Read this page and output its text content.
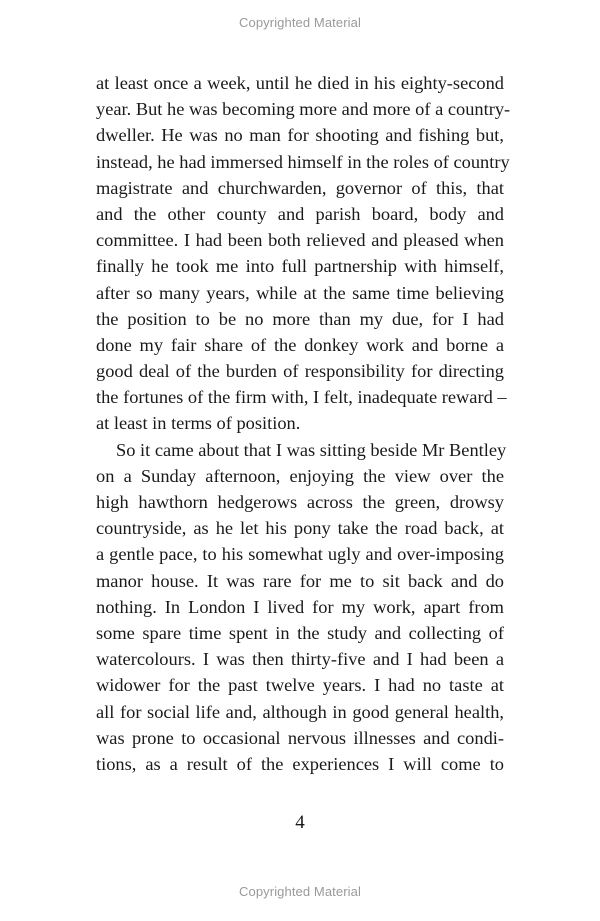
Copyrighted Material
at least once a week, until he died in his eighty-second
year. But he was becoming more and more of a country-
dweller. He was no man for shooting and fishing but,
instead, he had immersed himself in the roles of country
magistrate and churchwarden, governor of this, that
and the other county and parish board, body and
committee. I had been both relieved and pleased when
finally he took me into full partnership with himself,
after so many years, while at the same time believing
the position to be no more than my due, for I had
done my fair share of the donkey work and borne a
good deal of the burden of responsibility for directing
the fortunes of the firm with, I felt, inadequate reward –
at least in terms of position.
So it came about that I was sitting beside Mr Bentley
on a Sunday afternoon, enjoying the view over the
high hawthorn hedgerows across the green, drowsy
countryside, as he let his pony take the road back, at
a gentle pace, to his somewhat ugly and over-imposing
manor house. It was rare for me to sit back and do
nothing. In London I lived for my work, apart from
some spare time spent in the study and collecting of
watercolours. I was then thirty-five and I had been a
widower for the past twelve years. I had no taste at
all for social life and, although in good general health,
was prone to occasional nervous illnesses and condi-
tions, as a result of the experiences I will come to
4
Copyrighted Material
